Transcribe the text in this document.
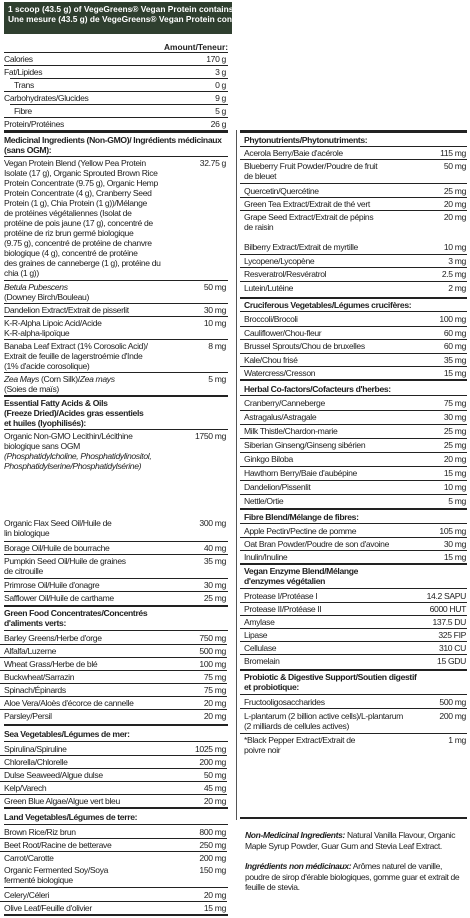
1 scoop (43.5 g) of VegeGreens® Vegan Protein contains/
Une mesure (43.5 g) de VegeGreens® Vegan Protein contient:
Amount/Teneur:
Calories	170 g
Fat/Lipides	3 g
Trans	0 g
Carbohydrates/Glucides	9 g
Fibre	5 g
Protein/Protéines	26 g
Medicinal Ingredients (Non-GMO)/ Ingrédients médicinaux (sans OGM):
Vegan Protein Blend (Yellow Pea Protein
Isolate (17 g), Organic Sprouted Brown Rice
Protein Concentrate (9.75 g), Organic Hemp
Protein Concentrate (4 g), Cranberry Seed
Protein (1 g), Chia Protein (1 g))/Mélange
de protéines végétaliennes (Isolat de
protéine de pois jaune (17 g), concentré de
protéine de riz brun germé biologique
(9.75 g), concentré de protéine de chanvre
biologique (4 g), concentré de protéine
des graines de canneberge (1 g), protéine du
chia (1 g))
32.75 g
Betula Pubescens
(Downey Birch/Bouleau)
50 mg
Dandelion Extract/Extrait de pisserlit	30 mg
K-R-Alpha Lipoic Acid/Acide
K-R-alpha-lipoïque
10 mg
Banaba Leaf Extract (1% Corosolic Acid)/
Extrait de feuille de lagerstroémie d'Inde
(1% d'acide corosolique)
8 mg
Zea Mays (Corn Silk)/Zea mays
(Soies de maïs)
5 mg
Essential Fatty Acids & Oils
(Freeze Dried)/Acides gras essentiels
et huiles (lyophilisés):
Organic Non-GMO Lecithin/Lécithine
biologique sans OGM
(Phosphatidylcholine, Phosphatidylinositol,
Phosphatidylserine/Phosphatidylsérine)
1750 mg
Organic Flax Seed Oil/Huile de
lin biologique
300 mg
Borage Oil/Huile de bourrache	40 mg
Pumpkin Seed Oil/Huile de graines
de citrouille
35 mg
Primrose Oil/Huile d'onagre	30 mg
Safflower Oil/Huile de carthame	25 mg
Green Food Concentrates/Concentrés
d'aliments verts:
Barley Greens/Herbe d'orge	750 mg
Alfalfa/Luzerne	500 mg
Wheat Grass/Herbe de blé	100 mg
Buckwheat/Sarrazin	75 mg
Spinach/Épinards	75 mg
Aloe Vera/Aloès d'écorce de cannelle	20 mg
Parsley/Persil	20 mg
Sea Vegetables/Légumes de mer:
Spirulina/Spiruline	1025 mg
Chlorella/Chlorelle	200 mg
Dulse Seaweed/Algue dulse	50 mg
Kelp/Varech	45 mg
Green Blue Algae/Algue vert bleu	20 mg
Land Vegetables/Légumes de terre:
Brown Rice/Riz brun	800 mg
Beet Root/Racine de betterave	250 mg
Carrot/Carotte	200 mg
Organic Fermented Soy/Soya
fermenté biologique
150 mg
Celery/Céleri	20 mg
Olive Leaf/Feuille d'olivier	15 mg
Phytonutrients/Phytonutriments:
Acerola Berry/Baie d'acérole	115 mg
Blueberry Fruit Powder/Poudre de fruit
de bleuet
50 mg
Quercetin/Quercétine	25 mg
Green Tea Extract/Extrait de thé vert	20 mg
Grape Seed Extract/Extrait de pépins
de raisin
20 mg
Bilberry Extract/Extrait de myrtille	10 mg
Lycopene/Lycopène	3 mg
Resveratrol/Resvératrol	2.5 mg
Lutein/Lutéine	2 mg
Cruciferous Vegetables/Légumes crucifères:
Broccoli/Brocoli	100 mg
Cauliflower/Chou-fleur	60 mg
Brussel Sprouts/Chou de bruxelles	60 mg
Kale/Chou frisé	35 mg
Watercress/Cresson	15 mg
Herbal Co-factors/Cofacteurs d'herbes:
Cranberry/Canneberge	75 mg
Astragalus/Astragale	30 mg
Milk Thistle/Chardon-marie	25 mg
Siberian Ginseng/Ginseng sibérien	25 mg
Ginkgo Biloba	20 mg
Hawthorn Berry/Baie d'aubépine	15 mg
Dandelion/Pissenlit	10 mg
Nettle/Ortie	5 mg
Fibre Blend/Mélange de fibres:
Apple Pectin/Pectine de pomme	105 mg
Oat Bran Powder/Poudre de son d'avoine	30 mg
Inulin/Inuline	15 mg
Vegan Enzyme Blend/Mélange
d'enzymes végétalien
Protease I/Protéase I	14.2 SAPU
Protease II/Protéase II	6000 HUT
Amylase	137.5 DU
Lipase	325 FIP
Cellulase	310 CU
Bromelain	15 GDU
Probiotic & Digestive Support/Soutien digestif
et probiotique:
Fructooligosaccharides	500 mg
L-plantarum (2 billion active cells)/L-plantarum
(2 milliards de cellules actives)
200 mg
*Black Pepper Extract/Extrait de
poivre noir
1 mg

Non-Medicinal Ingredients: Natural Vanilla Flavour, Organic Maple Syrup Powder, Guar Gum and Stevia Leaf Extract.

Ingrédients non médicinaux: Arômes naturel de vanille, poudre de sirop d'érable biologiques, gomme guar et extrait de feuille de stevia.
